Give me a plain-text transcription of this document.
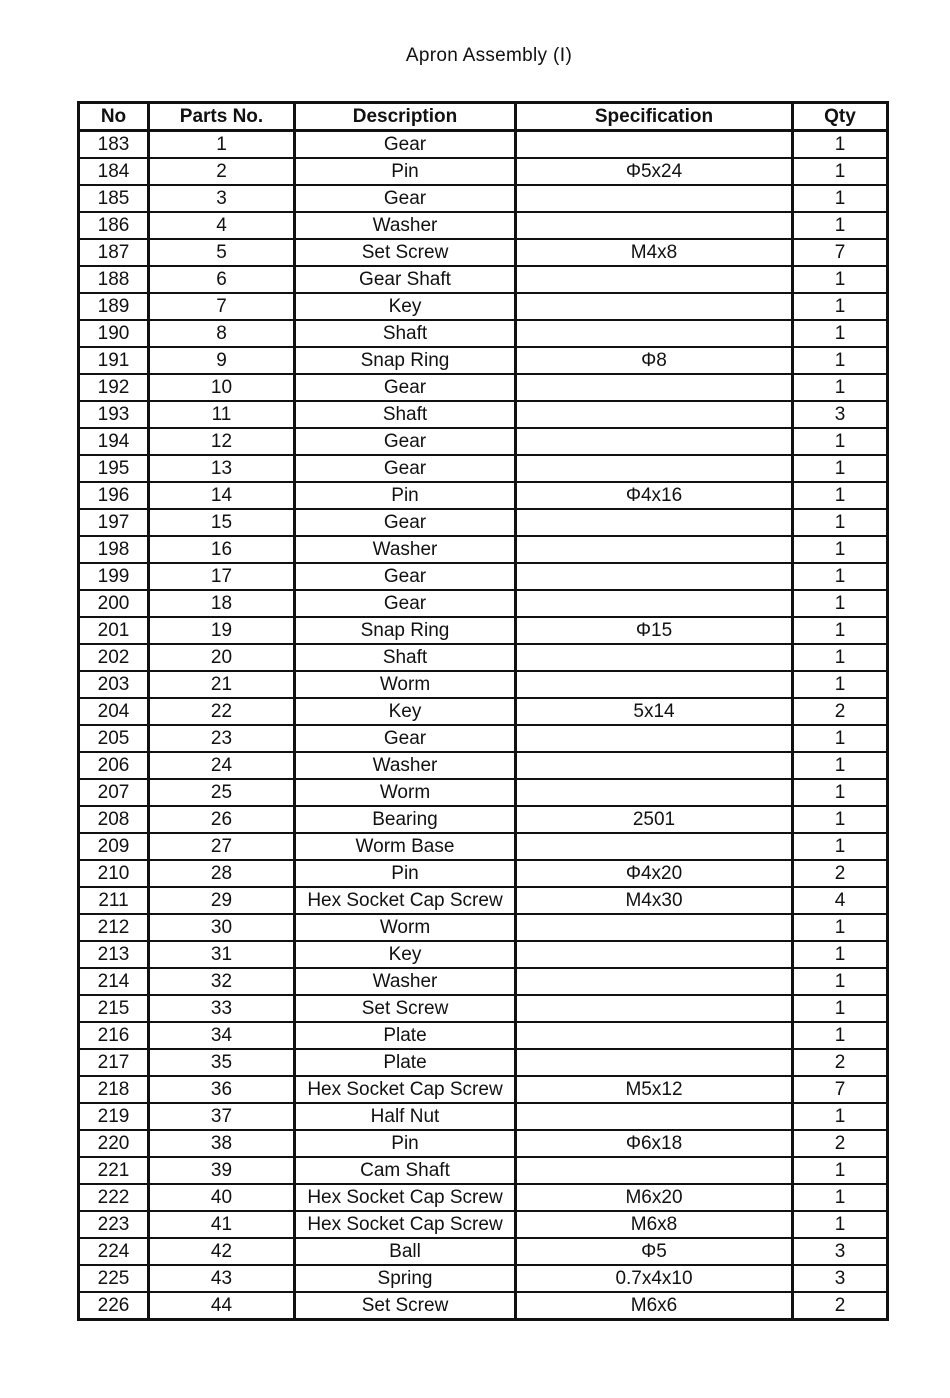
Apron Assembly (Ⅰ)
No	Parts No.	Description	Specification	Qty
183	1	Gear		1
184	2	Pin	Φ5x24	1
185	3	Gear		1
186	4	Washer		1
187	5	Set Screw	M4x8	7
188	6	Gear Shaft		1
189	7	Key		1
190	8	Shaft		1
191	9	Snap Ring	Φ8	1
192	10	Gear		1
193	11	Shaft		3
194	12	Gear		1
195	13	Gear		1
196	14	Pin	Φ4x16	1
197	15	Gear		1
198	16	Washer		1
199	17	Gear		1
200	18	Gear		1
201	19	Snap Ring	Φ15	1
202	20	Shaft		1
203	21	Worm		1
204	22	Key	5x14	2
205	23	Gear		1
206	24	Washer		1
207	25	Worm		1
208	26	Bearing	2501	1
209	27	Worm Base		1
210	28	Pin	Φ4x20	2
211	29	Hex Socket Cap Screw	M4x30	4
212	30	Worm		1
213	31	Key		1
214	32	Washer		1
215	33	Set Screw		1
216	34	Plate		1
217	35	Plate		2
218	36	Hex Socket Cap Screw	M5x12	7
219	37	Half Nut		1
220	38	Pin	Φ6x18	2
221	39	Cam Shaft		1
222	40	Hex Socket Cap Screw	M6x20	1
223	41	Hex Socket Cap Screw	M6x8	1
224	42	Ball	Φ5	3
225	43	Spring	0.7x4x10	3
226	44	Set Screw	M6x6	2
